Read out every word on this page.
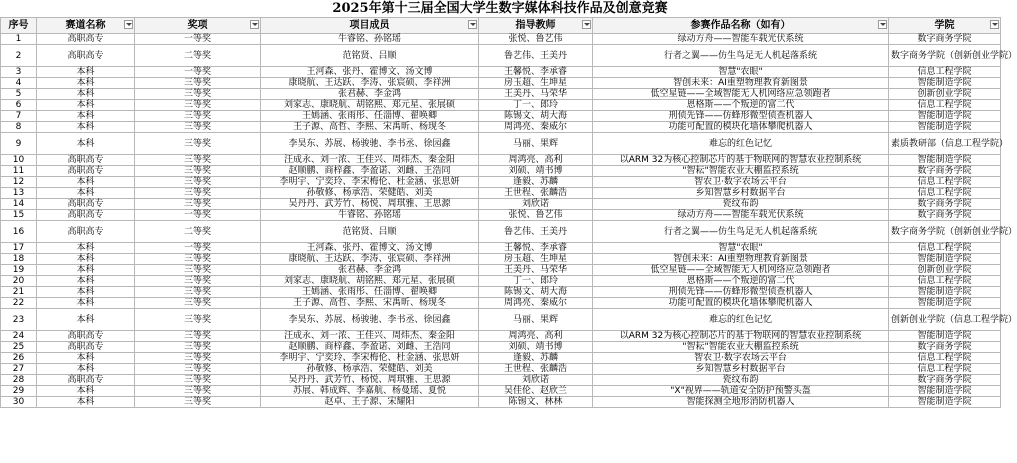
2025年第十三届全国大学生数字媒体科技作品及创意竞赛
序号	赛道名称	奖项	项目成员	指导教师	参赛作品名称（如有）	学院

1	高职高专	一等奖	牛睿铭、孙铭瑶	张悦、鲁艺伟	绿动方舟——智能车载光伏系统	数字商务学院
2	高职高专	二等奖	范铭贤、吕顺	鲁艺伟、王美丹	行者之翼——仿生鸟足无人机起落系统	数字商务学院（创新创业学院）
3	本科	一等奖	王河森、张丹、霍博文、汤文博	王馨悦、李承睿	智慧"农眼"	信息工程学院
4	本科	三等奖	康晓航、王达跃、李涛、张宸硕、李祥洲	房玉超、生坤星	智创未来：AI重塑物理教育新图景	智能制造学院
5	本科	三等奖	张君赫、李金鸿	王美丹、马荣华	低空星链——全域智能无人机网络应急领跑者	创新创业学院
6	本科	三等奖	刘家志、康晓航、胡铭熙、郑元星、张展硕	丁一、郎玲	恩格斯——个叛逆的富二代	信息工程学院
7	本科	三等奖	王嫣涵、张雨彤、任淄博、翟唤卿	陈锡文、胡大海	刑侦先锋——仿蜂形微型侦查机器人	智能制造学院
8	本科	三等奖	王子源、高哲、李熙、宋禹昕、杨现冬	周鸿亮、秦威尔	功能可配置的模块化墙体攀爬机器人	智能制造学院
9	本科	三等奖	李昊东、苏展、杨骏驰、李书丞、徐园鑫	马丽、果辉	难忘的红色记忆	素质教研部（信息工程学院）
10	高职高专	三等奖	汪成永、刘一浓、王佳兴、周炜杰、秦金阳	周鸿亮、高利	以ARM 32为核心控制芯片的基于物联网的智慧农业控制系统	智能制造学院
11	高职高专	三等奖	赵顺鹏、商梓鑫、李盈诺、刘雌、王浩同	刘硕、靖书博	"智耘"智能农业大棚监控系统	数字商务学院
12	本科	三等奖	李明宇、宁奕玲、李宋梅伦、杜金涵、张思妍	逢毅、苏麟	智农卫·数字农场云平台	信息工程学院
13	本科	三等奖	孙敬修、杨承浩、荣健皓、刘美	王世程、张麟浩	乡知智慧乡村数据平台	信息工程学院
14	高职高专	三等奖	吴丹丹、武芳竹、杨悦、周琪雅、王思源	刘欣诺	瓷纹布韵	数字商务学院
15	高职高专	一等奖	牛睿铭、孙铭瑶	张悦、鲁艺伟	绿动方舟——智能车载光伏系统	数字商务学院
16	高职高专	二等奖	范铭贤、吕顺	鲁艺伟、王美丹	行者之翼——仿生鸟足无人机起落系统	数字商务学院（创新创业学院）
17	本科	一等奖	王河森、张丹、霍博文、汤文博	王馨悦、李承睿	智慧"农眼"	信息工程学院
18	本科	三等奖	康晓航、王达跃、李涛、张宸硕、李祥洲	房玉超、生坤星	智创未来：AI重塑物理教育新图景	智能制造学院
19	本科	三等奖	张君赫、李金鸿	王美丹、马荣华	低空星链——全域智能无人机网络应急领跑者	创新创业学院
20	本科	三等奖	刘家志、康晓航、胡铭熙、郑元星、张展硕	丁一、郎玲	恩格斯——个叛逆的富二代	信息工程学院
21	本科	三等奖	王嫣涵、张雨彤、任淄博、翟唤卿	陈锡文、胡大海	刑侦先锋——仿蜂形微型侦查机器人	智能制造学院
22	本科	三等奖	王子源、高哲、李熙、宋禹昕、杨现冬	周鸿亮、秦威尔	功能可配置的模块化墙体攀爬机器人	智能制造学院
23	本科	三等奖	李昊东、苏展、杨骏驰、李书丞、徐园鑫	马丽、果辉	难忘的红色记忆	创新创业学院（信息工程学院）
24	高职高专	三等奖	汪成永、刘一浓、王佳兴、周炜杰、秦金阳	周鸿亮、高利	以ARM 32为核心控制芯片的基于物联网的智慧农业控制系统	智能制造学院
25	高职高专	三等奖	赵顺鹏、商梓鑫、李盈诺、刘雌、王浩同	刘硕、靖书博	"智耘"智能农业大棚监控系统	数字商务学院
26	本科	三等奖	李明宇、宁奕玲、李宋梅伦、杜金涵、张思妍	逢毅、苏麟	智农卫·数字农场云平台	信息工程学院
27	本科	三等奖	孙敬修、杨承浩、荣健皓、刘美	王世程、张麟浩	乡知智慧乡村数据平台	信息工程学院
28	高职高专	三等奖	吴丹丹、武芳竹、杨悦、周琪雅、王思源	刘欣诺	瓷纹布韵	数字商务学院
29	本科	三等奖	苏展、韩成辉、李嘉航、杨曼瑶、夏悦	吴佳伦、赵欣兰	"X"视界——轨道安全防护预警头盔	智能制造学院
30	本科	三等奖	赵卓、王子源、宋耀阳	陈锡文、林林	智能探测全地形消防机器人	智能制造学院
